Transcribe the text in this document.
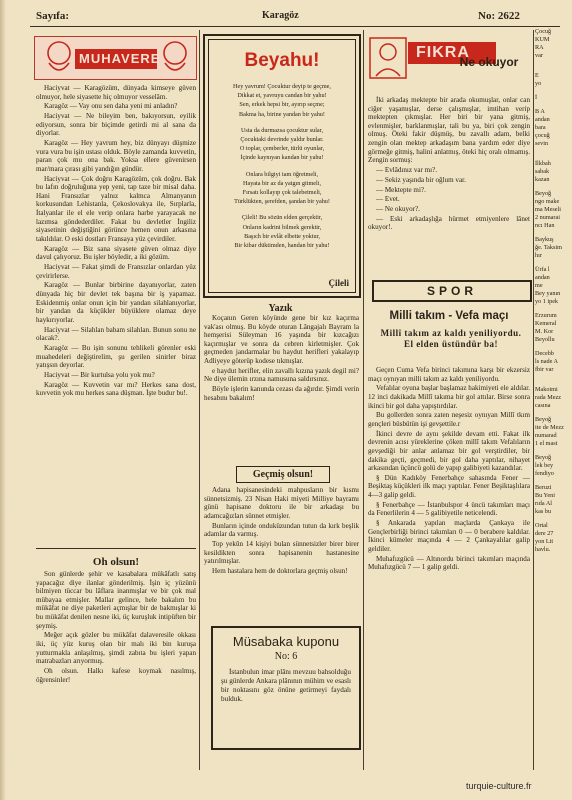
Sayıfa:	Karagöz	No: 2622
MUHAVERE

Haciyvat — Karagözüm, dünyada kimseye güven olmuyor, hele siyasette hiç olmuyor vesselâm.

Karagöz — Vay onu sen daha yeni mi anladın?

Haciyvat — Ne bileyim ben, bakıyorsun, eyilik ediyorsun, sonra bir biçimde getirdi mi al sana da diyorlar.

Karagöz — Hey yavrum hey, biz dünyayı düşmize vura vura bu işin ustası olduk. Böyle zamanda kuvvetin, paran çok mu ona bak. Yoksa ellere güvenirsen mar/mara çırası gibi yandığın gündür.

Haciyvat — Çok doğru Karagözüm, çok doğru. Bak bu lafın doğruluğuna yep yeni, tap taze bir misal daha. Hani Fransızlar yalnız kalmca Almanyanın korkusundan Lehistanla, Çekoslovakya ile, Sırplarla, İtalyanlar ile el ele verip onlara harbe yarayacak ne lazımsa göndederdiler. Fakat bu devletler İngiliz siyasetinin değiştiğini görünce hemen onun arkasına takıldılar. O eski dostları Fransaya yüz çevirdiler.

Karagöz — Biz sana siyasete güven olmaz diye davul çalıyoruz. Bu işler böyledir, a iki gözüm.

Haciyvat — Fakat şimdi de Fransızlar onlardan yüz çevirirlerse.

Karagöz — Bunlar birbirine dayanıyorlar, zaten dünyada hiç bir devlet tek başına bir iş yapamaz. Eskidenmiş onlar onun için bir yandan silahlanıyorlar, bir yandan da küçükler büyüklere olamaz deye haykırıyorlar.

Haciyvat — Silahlan babam silahlan. Bunun sonu ne olacak?.

Karagöz — Bu işin sonunu tehlikeli görenler eski muahedeleri değiştirelim, şu gerilen sinirler biraz yatışsın deyorlar.

Haciyvat — Bir kurtulsa yolu yok mu?

Karagöz — Kuvvetin var mı? Herkes sana dost, kuvvetin yok mu herkes sana düşman. İşte budur bu!.

Oh olsun!

Son günlerde şehir ve kasabalara mükâfatlı satış yapacağız diye ilanlar gönderilmiş. İşin iç yüzünü bilmiyen tüccar bu lâflara inanmışlar ve bir çok mal mübayaa etmişler. Mallar gelince, hele bakalım bu mükâfat ne diye paketleri açmışlar bir de bakmışlar ki bu mükâfat denilen nesne iki, üç kuruşluk intipüften bir şeymiş.

Meğer açık gözler bu mükâfat dalaveresile okkası iki, üç yüz kuruş olan bir malı iki bin kuruşa yutturmakla anlaşılmış, şimdi zabıta bu işleri yapan matrabazları arıyormuş.

Oh olsun. Halkı kafese koymak nasılmış, öğrensinler!

Beyahu!
Hey yavrum! Çocuktur deyip te geçme,
Dikkat et, yavruyu candan bir yahu!
Sen, erkek hepsi bir, ayırıp seçme;
Bakma ha, birine yandan bir yahu!
Usta da durmazsa çocuktur sular,
Çocuktaki devrinde yaldır bunlar.
O toplar, çemberler, türlü oyunlar,
İçinde kaynıyan kandan bir yahu!
Onlara bilgiyi tam öğretmeli,
Hayata bir az da yatgın gitmeli,
Fırsatı kollayıp çok talebetmeli,
Türklükten, şerefden, şandan bir yahu!
Çileli! Bu sözün elden gerçektir,
Onların kadrini bilmek gerektir,
Başıch bir evlât elbette yoktur,
Bir kibar düktimden, handan bir yahu!
Çileli
Yazık

Koçanın Geren köyünde gene bir kız kaçırma vak'ası olmuş. Bu köyde oturan Lângajalı Bayram la hemşerisi Süleyman 16 yaşında bir kızcağızı kaçırmışlar ve sonra da cebren kirletmişler. Çok geçmeden jandarmalar bu haydut herifleri yakalayıp Adliyeye göterüp kodese tıkmışlar.

e haydut herifler, elin zavallı kızına yazık degil mi? Ne diye ülemin ırzına namusuna saldırsınız.

Böyle işlerin kanunda cezası da ağırdır. Şimdi verin hesabını bakalım!

Geçmiş olsun!

Adana hapisanesindeki mahpusların bir kısmı sünnetsizmiş. 23 Nisan Haki miyeti Milliye bayramı günü hapisane doktoru ile bir arkadaşı bu adamcağızları sünnet etmişler.

Bunların içinde onduküzundan tutun da kırk beşlik adamlar da varmış.

Top yekûn 14 kişiyi bulan sünnetsizler birer birer kesildikten sonra hapisanenin hastanesine yatırılmışlar.

Hem hastalara hem de doktorlara geçmiş olsun!

Müsabaka kuponu
No: 6
İstanbulun imar plânı mevzuu bahsolduğu şu günlerde Ankara plânının mühim ve esaslı bir noktasını göz önüne getirmeyi faydalı bulduk.
FIKRA
Ne okuyor

İki arkadaş mektepte bir arada okumuşlar, onlar can ciğer yaşamışlar, derse çalışmışlar, imtihan verip mektepten çıkmışlar. Her biri bir yana gitmiş, evlenmişler, barklanmışlar, tali bu ya, biri çok zengin olmuş. Öteki fakir düşmüş, bu zavallı adam, belki zengin olan mektep arkadaşım bana yardım eder diye görmeğe gitmiş, halini anlatmış, öteki hiç oralı olmamış. Zengin sormuş:

— Evlâdınız var mı?.

— Sekiz yaşında bir oğlum var.

— Mektepte mi?.

— Evet.

— Ne okuyor?.

— Eski arkadaşlığa hürmet etmiyenlere lânet okuyor!.

SPOR
Milli takım - Vefa maçı
Millî takım az kaldı yeniliyordu. El elden üstündür ba!

Geçen Cuma Vefa birinci takımına karşı bir ekzersiz maçı oynıyan milli takım az kaldı yeniliyordu.

Vefalılar oyuna başlar başlamaz hakimiyeti ele aldılar. 12 inci dakikada Millî takıma bir gol attılar. Birse sonra ikinci bir gol daha yapıştırdılar.

Bu gollerden sonra zaten neşesiz oynıyan Millî tkım gençleri büsbütün işi gevşettile.r

İkinci devre de aynı şekilde devam etti. Fakat ilk devrenin acısı yüreklerine çöken millî takım Vefalıların gevşediği bir anlar anlamaz bir gol verştirdiler, bir dakika geçti, geçmedi, bir gol daha yaptılar, nihayet arkasından üçüncü golü de yapıp galibiyeti kazandılar.

§ Dün Kadıköy Fenerbahçe sahasında Fener — Beşiktaş küçükleri ilk maçı yaptılar. Fener Beşiktaşlılara 4—3 galip geldi.

§ Fenerbahçe — İstanbulspor 4 üncü takımları maçı da Fenerlilerin 4 — 5 galibiyetile neticelendi.

§ Ankarada yapılan maçlarda Çankaya ile Gençlerbirliği birinci takımları 0 — 0 berabere kaldılar. İkinci kümeler maçında 4 — 2 Çankayalılar galip geldiler.

Muhafızgücü — Altınordu birinci takımları maçında Muhafızgücü 7 — 1 galip geldi.

Çocuğ
KUM
RA
var
E
yo
İ
B A
andan
bara
çocuğ
sevin
İlkbah
sabak
kazan
Beyoğ
ngo make
ma Meseli
2 numarai
ncı Han
Baykuş
ğe. Taksim
hır
Ürfa l
andan
me
Bey yanın
yo 1 ipek
Erzurum
Kemeral
M. Kor
Beyollu
Decebb
ls nade A
fbir var
Makoimi
rada Mezz
casına
Beyoğ
ite de Mezz
numarad
1 el mast
Beyoğ
lek bey
fendiyo
Beruzi
Bu Yeni
rıda Al
kas bu
Ortal
dere 27
yon Lit
havlu.
turquie-culture.fr
